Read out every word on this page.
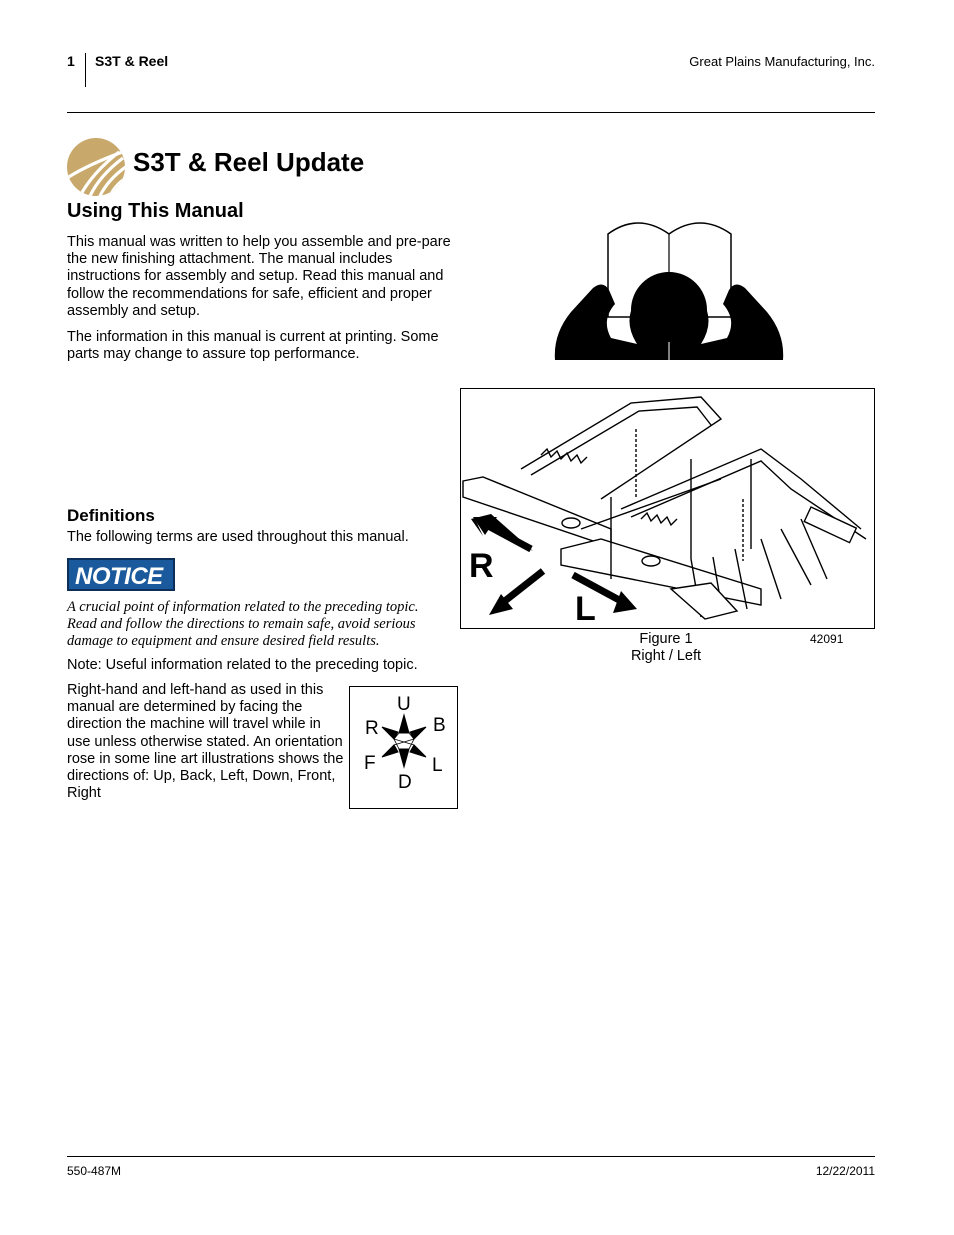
1 S3T & Reel	Great Plains Manufacturing, Inc.
S3T & Reel Update
Using This Manual
This manual was written to help you assemble and pre-pare the new finishing attachment. The manual includes instructions for assembly and setup. Read this manual and follow the recommendations for safe, efficient and proper assembly and setup.
The information in this manual is current at printing. Some parts may change to assure top performance.
R
L
Figure 1
Right / Left
42091
Definitions
The following terms are used throughout this manual.
NOTICE
A crucial point of information related to the preceding topic. Read and follow the directions to remain safe, avoid serious damage to equipment and ensure desired field results.
Note: Useful information related to the preceding topic.
Right-hand and left-hand as used in this manual are determined by facing the direction the machine will travel while in use unless otherwise stated. An orientation rose in some line art illustrations shows the directions of: Up, Back, Left, Down, Front, Right
U
B
R
F	L
D
550-487M	12/22/2011
